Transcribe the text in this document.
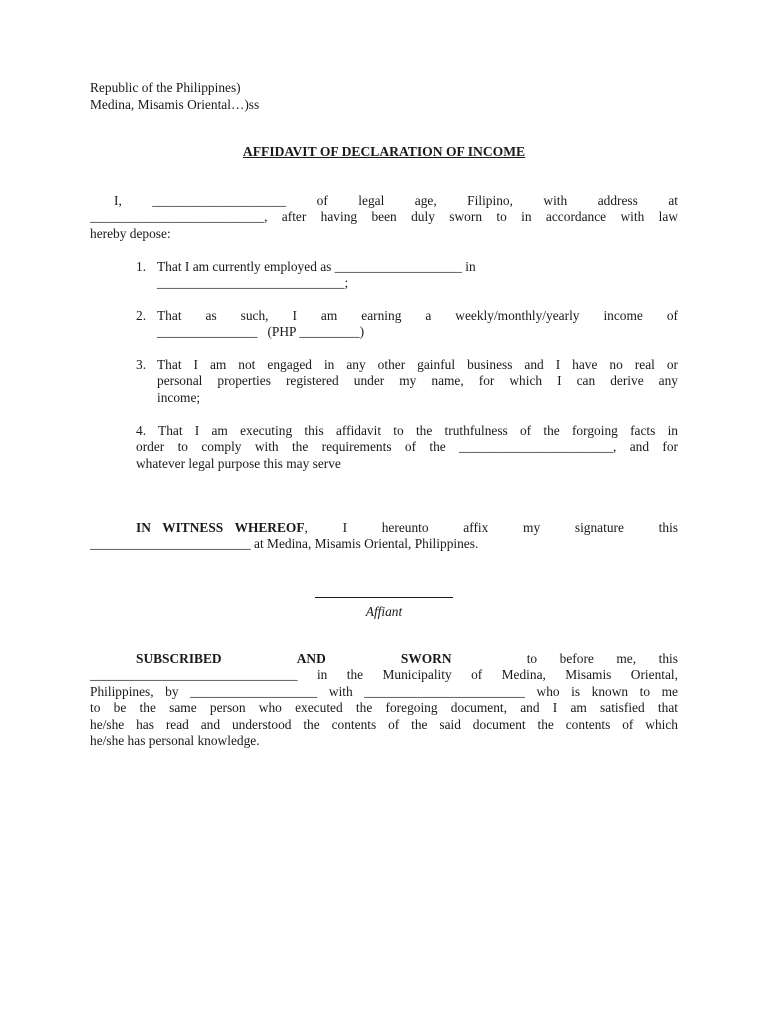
Republic of the Philippines)
Medina, Misamis Oriental…)ss
AFFIDAVIT OF DECLARATION OF INCOME
I,   ____________________   of   legal   age,   Filipino,   with   address   at
__________________________, after having been duly sworn to in accordance with law
hereby depose:
1. That I am currently employed as ___________________ in
____________________________;
2. That   as   such,   I   am   earning   a   weekly/monthly/yearly   income   of
_______________   (PHP _________)
3. That I am not engaged in any other gainful business and I have no real or
personal properties registered under my name, for which I can derive any
income;
4. That I am executing this affidavit to the truthfulness of the forgoing facts in
order to comply with the requirements of the _______________________, and for
whatever legal purpose this may serve
IN WITNESS WHEREOF,   I   hereunto   affix   my   signature   this
________________________ at Medina, Misamis Oriental, Philippines.
Affiant
SUBSCRIBED	AND	SWORN	to   before   me,   this
_______________________________ in the Municipality of Medina, Misamis Oriental,
Philippines, by ___________________ with ________________________ who is known to me
to be the same person who executed the foregoing document, and I am satisfied that
he/she has read and understood the contents of the said document the contents of which
he/she has personal knowledge.
